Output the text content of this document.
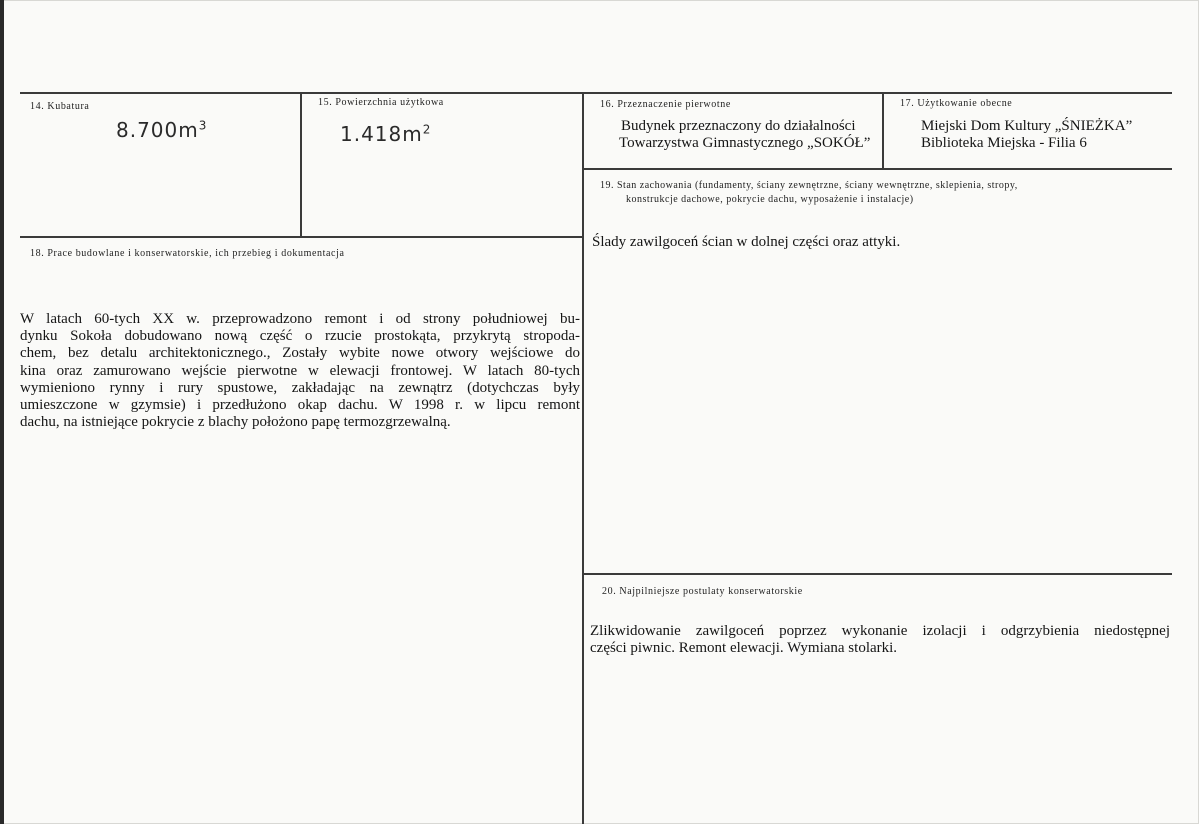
14. Kubatura
$8.700m^3$
15. Powierzchnia użytkowa
$1.418m^2$
16. Przeznaczenie pierwotne
Budynek przeznaczony do działalności
Towarzystwa Gimnastycznego „SOKÓŁ”
17. Użytkowanie obecne
Miejski Dom Kultury „ŚNIEŻKA”
Biblioteka Miejska - Filia 6
19. Stan zachowania (fundamenty, ściany zewnętrzne, ściany wewnętrzne, sklepienia, stropy,
konstrukcje dachowe, pokrycie dachu, wyposażenie i instalacje)
Ślady zawilgoceń ścian w dolnej części oraz attyki.
18. Prace budowlane i konserwatorskie, ich przebieg i dokumentacja
W latach 60-tych XX w. przeprowadzono remont i od strony południowej bu-
dynku Sokoła dobudowano nową część o rzucie prostokąta, przykrytą stropoda-
chem, bez detalu architektonicznego., Zostały wybite nowe otwory wejściowe do
kina oraz zamurowano wejście pierwotne w elewacji frontowej. W latach 80-tych
wymieniono rynny i rury spustowe, zakładając na zewnątrz (dotychczas były
umieszczone w gzymsie) i przedłużono okap dachu. W 1998 r. w lipcu remont
dachu, na istniejące pokrycie z blachy położono papę termozgrzewalną.
20. Najpilniejsze postulaty konserwatorskie
Zlikwidowanie zawilgoceń poprzez wykonanie izolacji i odgrzybienia niedostępnej
części piwnic. Remont elewacji. Wymiana stolarki.
